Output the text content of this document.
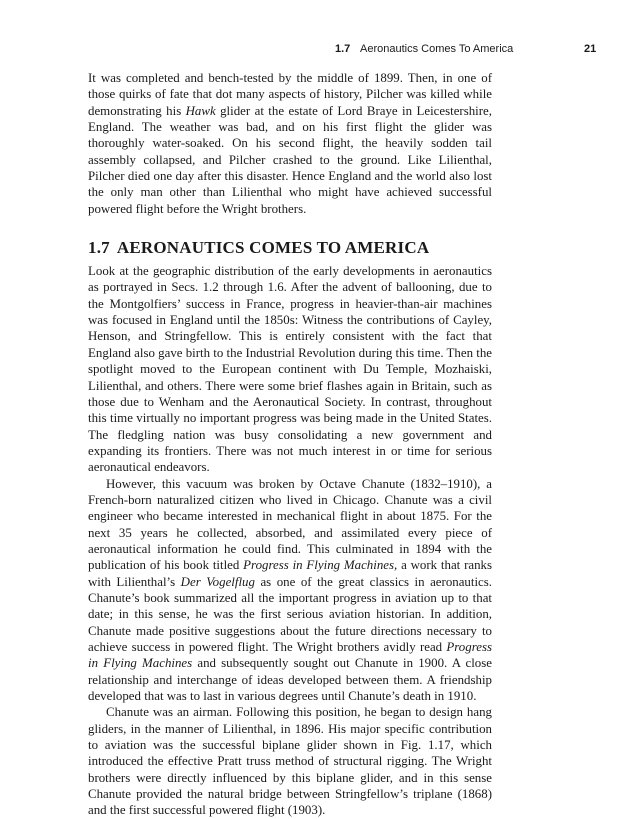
1.7 Aeronautics Comes To America	21

It was completed and bench-tested by the middle of 1899. Then, in one of those quirks of fate that dot many aspects of history, Pilcher was killed while demonstrating his Hawk glider at the estate of Lord Braye in Leicestershire, England. The weather was bad, and on his first flight the glider was thoroughly water-soaked. On his second flight, the heavily sodden tail assembly collapsed, and Pilcher crashed to the ground. Like Lilienthal, Pilcher died one day after this disaster. Hence England and the world also lost the only man other than Lilienthal who might have achieved successful powered flight before the Wright brothers.

1.7 AERONAUTICS COMES TO AMERICA

Look at the geographic distribution of the early developments in aeronautics as portrayed in Secs. 1.2 through 1.6. After the advent of ballooning, due to the Montgolfiers’ success in France, progress in heavier-than-air machines was focused in England until the 1850s: Witness the contributions of Cayley, Henson, and Stringfellow. This is entirely consistent with the fact that England also gave birth to the Industrial Revolution during this time. Then the spotlight moved to the European continent with Du Temple, Mozhaiski, Lilienthal, and others. There were some brief flashes again in Britain, such as those due to Wenham and the Aeronautical Society. In contrast, throughout this time virtually no important progress was being made in the United States. The fledgling nation was busy consolidating a new government and expanding its frontiers. There was not much interest in or time for serious aeronautical endeavors.

However, this vacuum was broken by Octave Chanute (1832–1910), a French-born naturalized citizen who lived in Chicago. Chanute was a civil engineer who became interested in mechanical flight in about 1875. For the next 35 years he collected, absorbed, and assimilated every piece of aeronautical information he could find. This culminated in 1894 with the publication of his book titled Progress in Flying Machines, a work that ranks with Lilienthal’s Der Vogelflug as one of the great classics in aeronautics. Chanute’s book summarized all the important progress in aviation up to that date; in this sense, he was the first serious aviation historian. In addition, Chanute made positive suggestions about the future directions necessary to achieve success in powered flight. The Wright brothers avidly read Progress in Flying Machines and subsequently sought out Chanute in 1900. A close relationship and interchange of ideas developed between them. A friendship developed that was to last in various degrees until Chanute’s death in 1910.

Chanute was an airman. Following this position, he began to design hang gliders, in the manner of Lilienthal, in 1896. His major specific contribution to aviation was the successful biplane glider shown in Fig. 1.17, which introduced the effective Pratt truss method of structural rigging. The Wright brothers were directly influenced by this biplane glider, and in this sense Chanute provided the natural bridge between Stringfellow’s triplane (1868) and the first successful powered flight (1903).
